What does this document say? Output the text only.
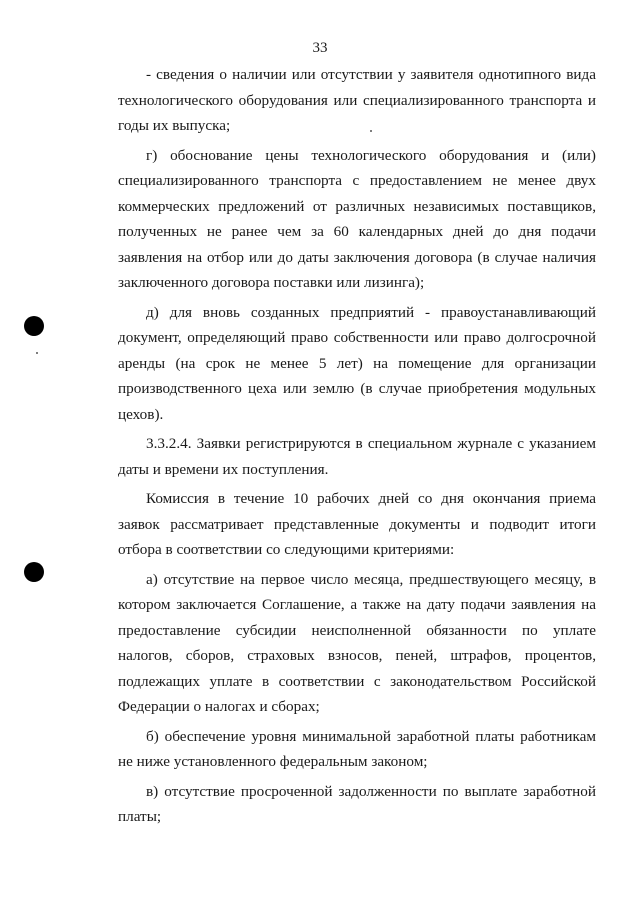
33

- сведения о наличии или отсутствии у заявителя однотипного вида технологического оборудования или специализированного транспорта и годы их выпуска;

г) обоснование цены технологического оборудования и (или) специализированного транспорта с предоставлением не менее двух коммерческих предложений от различных независимых поставщиков, полученных не ранее чем за 60 календарных дней до дня подачи заявления на отбор или до даты заключения договора (в случае наличия заключенного договора поставки или лизинга);

д) для вновь созданных предприятий - правоустанавливающий документ, определяющий право собственности или право долгосрочной аренды (на срок не менее 5 лет) на помещение для организации производственного цеха или землю (в случае приобретения модульных цехов).

3.3.2.4. Заявки регистрируются в специальном журнале с указанием даты и времени их поступления.

Комиссия в течение 10 рабочих дней со дня окончания приема заявок рассматривает представленные документы и подводит итоги отбора в соответствии со следующими критериями:

а) отсутствие на первое число месяца, предшествующего месяцу, в котором заключается Соглашение, а также на дату подачи заявления на предоставление субсидии неисполненной обязанности по уплате налогов, сборов, страховых взносов, пеней, штрафов, процентов, подлежащих уплате в соответствии с законодательством Российской Федерации о налогах и сборах;

б) обеспечение уровня минимальной заработной платы работникам не ниже установленного федеральным законом;

в) отсутствие просроченной задолженности по выплате заработной платы;
